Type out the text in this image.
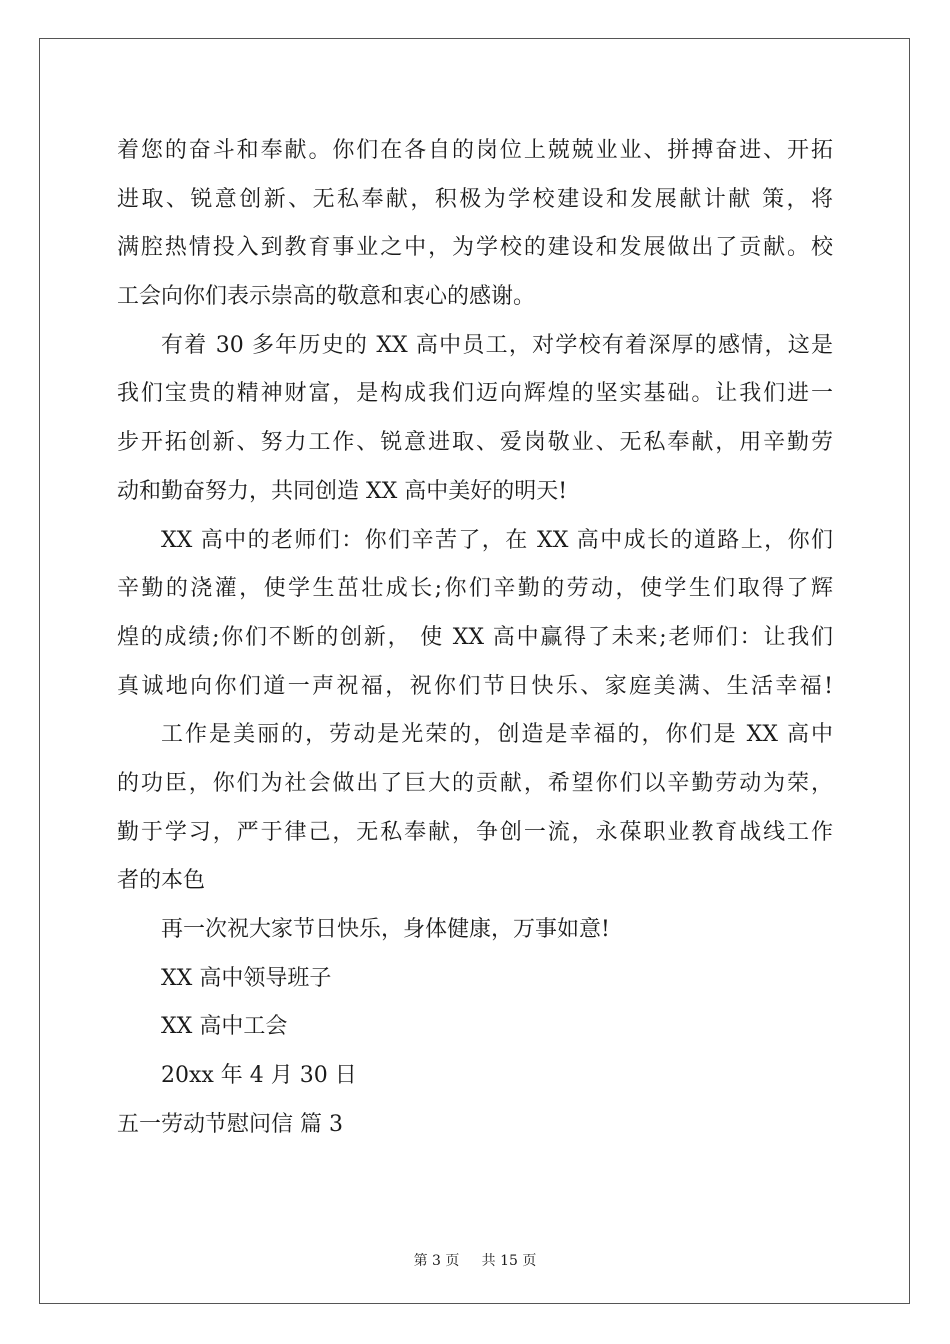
着您的奋斗和奉献。你们在各自的岗位上兢兢业业、拼搏奋进、开拓
进取、锐意创新、无私奉献，积极为学校建设和发展献计献 策，将
满腔热情投入到教育事业之中，为学校的建设和发展做出了贡献。校
工会向你们表示崇高的敬意和衷心的感谢。
有着 30 多年历史的 XX 高中员工，对学校有着深厚的感情，这是
我们宝贵的精神财富，是构成我们迈向辉煌的坚实基础。让我们进一
步开拓创新、努力工作、锐意进取、爱岗敬业、无私奉献，用辛勤劳
动和勤奋努力，共同创造 XX 高中美好的明天!
XX 高中的老师们：你们辛苦了，在 XX 高中成长的道路上，你们
辛勤的浇灌，使学生茁壮成长;你们辛勤的劳动，使学生们取得了辉
煌的成绩;你们不断的创新， 使 XX 高中赢得了未来;老师们：让我们
真诚地向你们道一声祝福，祝你们节日快乐、家庭美满、生活幸福!
工作是美丽的，劳动是光荣的，创造是幸福的，你们是 XX 高中
的功臣，你们为社会做出了巨大的贡献，希望你们以辛勤劳动为荣，
勤于学习，严于律己，无私奉献，争创一流，永葆职业教育战线工作
者的本色
再一次祝大家节日快乐，身体健康，万事如意!
XX 高中领导班子
XX 高中工会
20xx 年 4 月 30 日
五一劳动节慰问信 篇 3
第 3 页 共 15 页
